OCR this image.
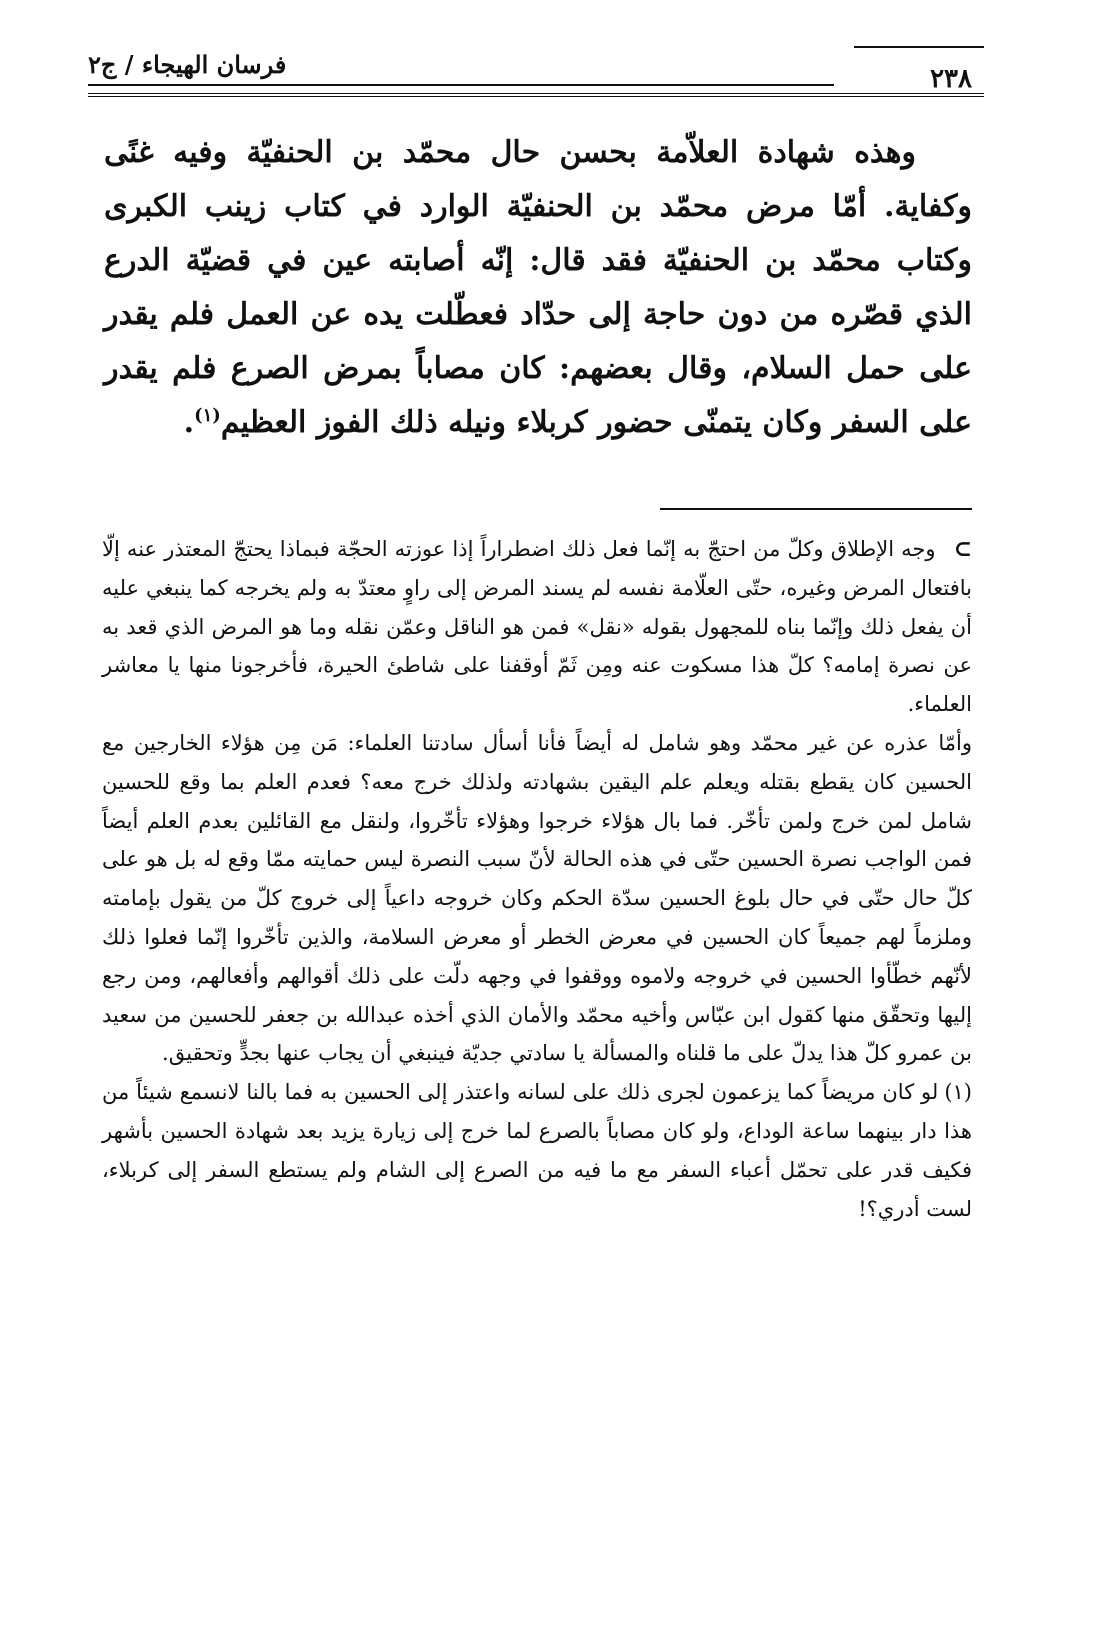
فرسان الهيجاء / ج٢	٢٣٨

وهذه شهادة العلاّمة بحسن حال محمّد بن الحنفيّة وفيه غنًى وكفاية. أمّا مرض محمّد بن الحنفيّة الوارد في كتاب زينب الكبرى وكتاب محمّد بن الحنفيّة فقد قال: إنّه أصابته عين في قضيّة الدرع الذي قصّره من دون حاجة إلى حدّاد فعطّلت يده عن العمل فلم يقدر على حمل السلام، وقال بعضهم: كان مصاباً بمرض الصرع فلم يقدر على السفر وكان يتمنّى حضور كربلاء ونيله ذلك الفوز العظيم$^{(١)}$.

⊃وجه الإطلاق وكلّ من احتجّ به إنّما فعل ذلك اضطراراً إذا عوزته الحجّة فبماذا يحتجّ المعتذر عنه إلّا بافتعال المرض وغيره، حتّى العلّامة نفسه لم يسند المرض إلى راوٍ معتدّ به ولم يخرجه كما ينبغي عليه أن يفعل ذلك وإنّما بناه للمجهول بقوله «نقل» فمن هو الناقل وعمّن نقله وما هو المرض الذي قعد به عن نصرة إمامه؟ كلّ هذا مسكوت عنه ومِن ثَمّ أوقفنا على شاطئ الحيرة، فأخرجونا منها يا معاشر العلماء.

وأمّا عذره عن غير محمّد وهو شامل له أيضاً فأنا أسأل سادتنا العلماء: مَن مِن هؤلاء الخارجين مع الحسين كان يقطع بقتله ويعلم علم اليقين بشهادته ولذلك خرج معه؟ فعدم العلم بما وقع للحسين شامل لمن خرج ولمن تأخّر. فما بال هؤلاء خرجوا وهؤلاء تأخّروا، ولنقل مع القائلين بعدم العلم أيضاً فمن الواجب نصرة الحسين حتّى في هذه الحالة لأنّ سبب النصرة ليس حمايته ممّا وقع له بل هو على كلّ حال حتّى في حال بلوغ الحسين سدّة الحكم وكان خروجه داعياً إلى خروج كلّ من يقول بإمامته وملزماً لهم جميعاً كان الحسين في معرض الخطر أو معرض السلامة، والذين تأخّروا إنّما فعلوا ذلك لأنّهم خطّأوا الحسين في خروجه ولاموه ووقفوا في وجهه دلّت على ذلك أقوالهم وأفعالهم، ومن رجع إليها وتحقّق منها كقول ابن عبّاس وأخيه محمّد والأمان الذي أخذه عبدالله بن جعفر للحسين من سعيد بن عمرو كلّ هذا يدلّ على ما قلناه والمسألة يا سادتي جديّة فينبغي أن يجاب عنها بجدٍّ وتحقيق.

(١)لو كان مريضاً كما يزعمون لجرى ذلك على لسانه واعتذر إلى الحسين به فما بالنا لانسمع شيئاً من هذا دار بينهما ساعة الوداع، ولو كان مصاباً بالصرع لما خرج إلى زيارة يزيد بعد شهادة الحسين بأشهر فكيف قدر على تحمّل أعباء السفر مع ما فيه من الصرع إلى الشام ولم يستطع السفر إلى كربلاء، لست أدري؟!
